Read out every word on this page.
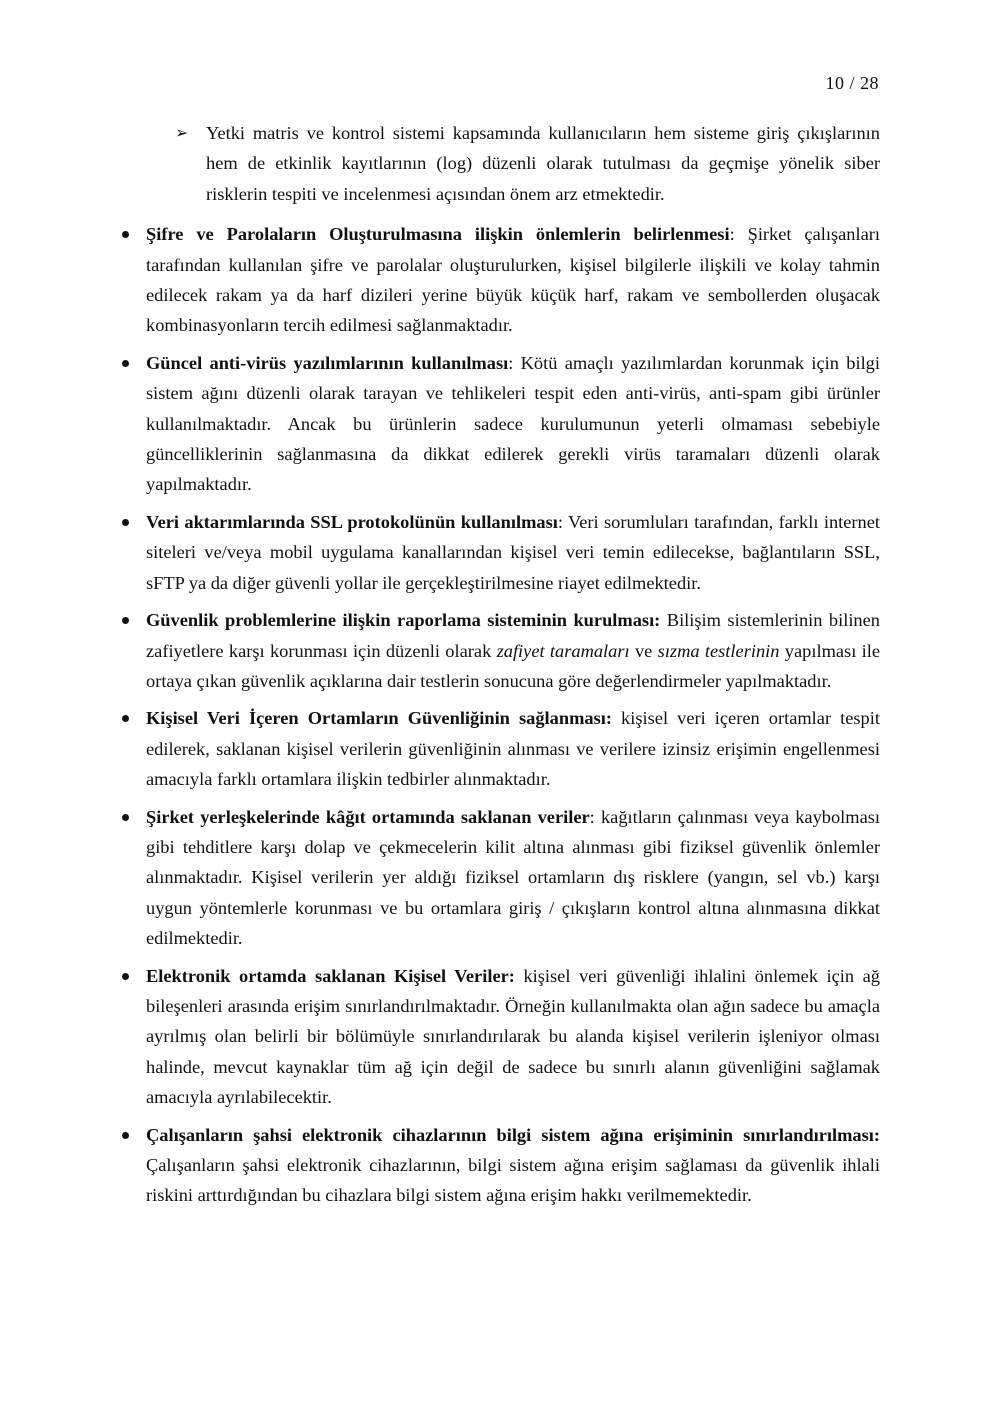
10 / 28
➢ Yetki matris ve kontrol sistemi kapsamında kullanıcıların hem sisteme giriş çıkışlarının hem de etkinlik kayıtlarının (log) düzenli olarak tutulması da geçmişe yönelik siber risklerin tespiti ve incelenmesi açısından önem arz etmektedir.
Şifre ve Parolaların Oluşturulmasına ilişkin önlemlerin belirlenmesi: Şirket çalışanları tarafından kullanılan şifre ve parolalar oluşturulurken, kişisel bilgilerle ilişkili ve kolay tahmin edilecek rakam ya da harf dizileri yerine büyük küçük harf, rakam ve sembollerden oluşacak kombinasyonların tercih edilmesi sağlanmaktadır.
Güncel anti-virüs yazılımlarının kullanılması: Kötü amaçlı yazılımlardan korunmak için bilgi sistem ağını düzenli olarak tarayan ve tehlikeleri tespit eden anti-virüs, anti-spam gibi ürünler kullanılmaktadır. Ancak bu ürünlerin sadece kurulumunun yeterli olmaması sebebiyle güncelliklerinin sağlanmasına da dikkat edilerek gerekli virüs taramaları düzenli olarak yapılmaktadır.
Veri aktarımlarında SSL protokolünün kullanılması: Veri sorumluları tarafından, farklı internet siteleri ve/veya mobil uygulama kanallarından kişisel veri temin edilecekse, bağlantıların SSL, sFTP ya da diğer güvenli yollar ile gerçekleştirilmesine riayet edilmektedir.
Güvenlik problemlerine ilişkin raporlama sisteminin kurulması: Bilişim sistemlerinin bilinen zafiyetlere karşı korunması için düzenli olarak zafiyet taramaları ve sızma testlerinin yapılması ile ortaya çıkan güvenlik açıklarına dair testlerin sonucuna göre değerlendirmeler yapılmaktadır.
Kişisel Veri İçeren Ortamların Güvenliğinin sağlanması: kişisel veri içeren ortamlar tespit edilerek, saklanan kişisel verilerin güvenliğinin alınması ve verilere izinsiz erişimin engellenmesi amacıyla farklı ortamlara ilişkin tedbirler alınmaktadır.
Şirket yerleşkelerinde kâğıt ortamında saklanan veriler: kağıtların çalınması veya kaybolması gibi tehditlere karşı dolap ve çekmecelerin kilit altına alınması gibi fiziksel güvenlik önlemler alınmaktadır. Kişisel verilerin yer aldığı fiziksel ortamların dış risklere (yangın, sel vb.) karşı uygun yöntemlerle korunması ve bu ortamlara giriş / çıkışların kontrol altına alınmasına dikkat edilmektedir.
Elektronik ortamda saklanan Kişisel Veriler: kişisel veri güvenliği ihlalini önlemek için ağ bileşenleri arasında erişim sınırlandırılmaktadır. Örneğin kullanılmakta olan ağın sadece bu amaçla ayrılmış olan belirli bir bölümüyle sınırlandırılarak bu alanda kişisel verilerin işleniyor olması halinde, mevcut kaynaklar tüm ağ için değil de sadece bu sınırlı alanın güvenliğini sağlamak amacıyla ayrılabilecektir.
Çalışanların şahsi elektronik cihazlarının bilgi sistem ağına erişiminin sınırlandırılması: Çalışanların şahsi elektronik cihazlarının, bilgi sistem ağına erişim sağlaması da güvenlik ihlali riskini arttırdığından bu cihazlara bilgi sistem ağına erişim hakkı verilmemektedir.
